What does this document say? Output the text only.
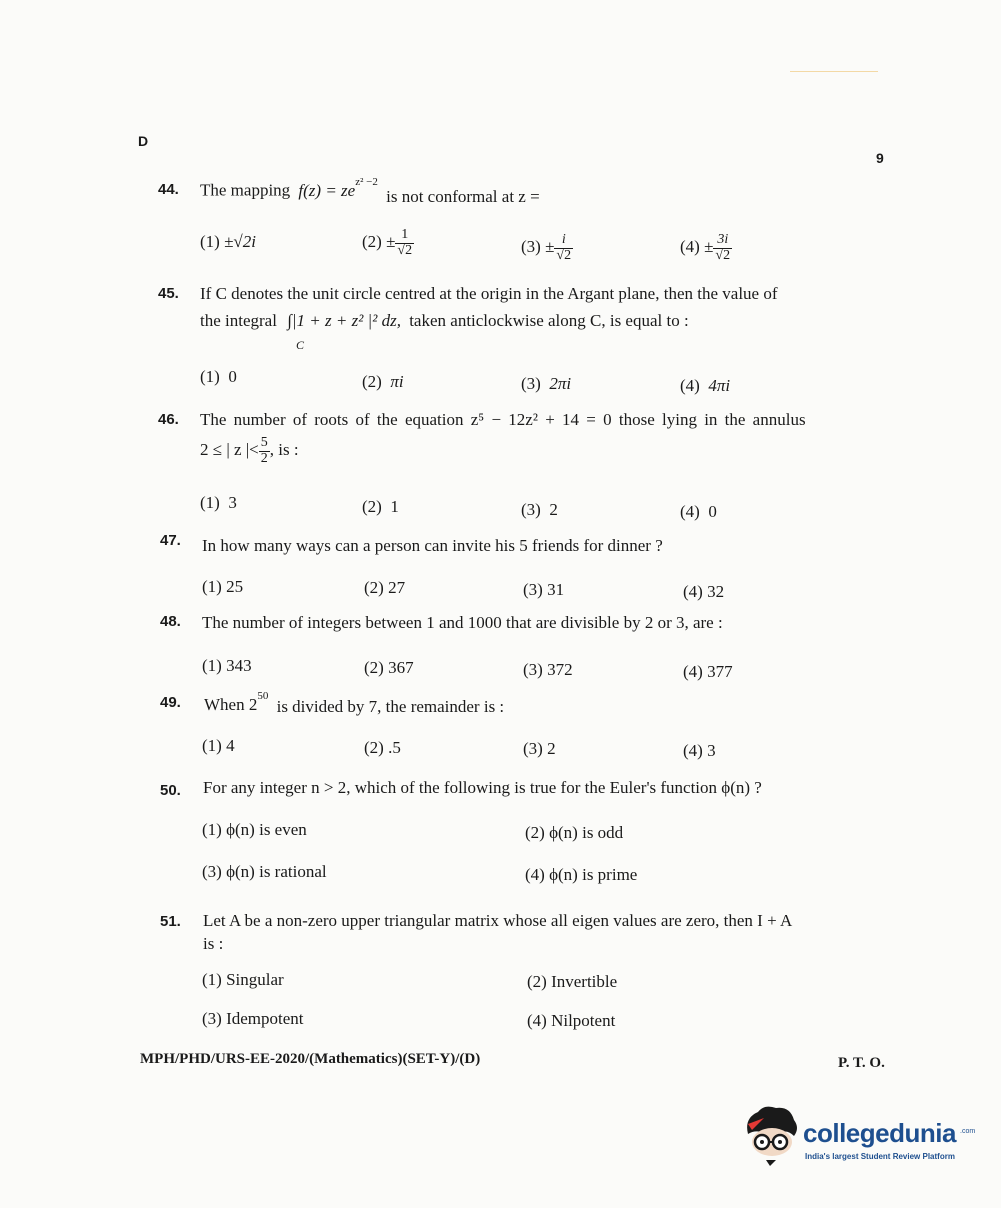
D
9
44. The mapping $f(z) = ze^{z^2 -2}$ is not conformal at z =
(1) ±√2i	$(2) \pm \frac{1}{√2}$	$(3) \pm \frac{i}{√2}$	$(4) \pm \frac{3i}{√2}$
45. If C denotes the unit circle centred at the origin in the Argant plane, then the value of
the integral ∫|1 + z + z² |² dz, taken anticlockwise along C, is equal to :
C
(1) 0	(2) πi	(3) 2πi	(4) 4πi
46. The number of roots of the equation z⁵ − 12z² + 14 = 0 those lying in the annulus
2 ≤ | z |< $\frac{5}{2}$ , is :
(1) 3	(2) 1	(3) 2	(4) 0
47. In how many ways can a person can invite his 5 friends for dinner ?
(1) 25	(2) 27	(3) 31	(4) 32
48. The number of integers between 1 and 1000 that are divisible by 2 or 3, are :
(1) 343	(2) 367	(3) 372	(4) 377
49. When $2^{50}$ is divided by 7, the remainder is :
(1) 4	(2) .5	(3) 2	(4) 3
50. For any integer n > 2, which of the following is true for the Euler's function ϕ(n) ?
(1) ϕ(n) is even	(2) ϕ(n) is odd
(3) ϕ(n) is rational	(4) ϕ(n) is prime
51. Let A be a non-zero upper triangular matrix whose all eigen values are zero, then I + A
is :
(1) Singular	(2) Invertible
(3) Idempotent	(4) Nilpotent
MPH/PHD/URS-EE-2020/(Mathematics)(SET-Y)/(D)	P. T. O.
collegedunia .com
India's largest Student Review Platform
